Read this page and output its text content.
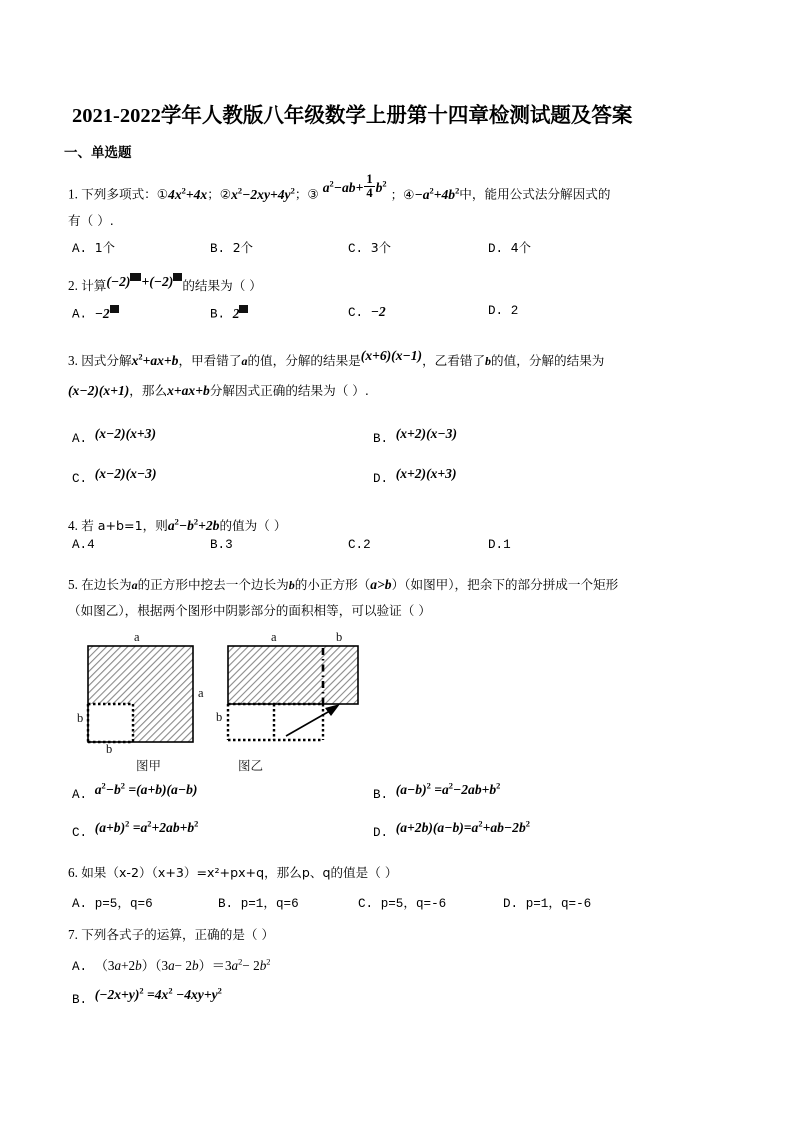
2021-2022学年人教版八年级数学上册第十四章检测试题及答案
一、单选题
1. 下列多项式：$①4x^2+4x$；$②x^2-2xy+4y^2$；③ $a^2-ab+ \frac{1}{4} b^2$；$④-a^2+4b^2$中，能用公式法分解因式的
有（ ）.
A. 1个	B. 2个	C. 3个	D. 4个
2. 计算(−2) +(−2) 的结果为（ ）
A. −2	B. 2	C. −2	D. 2
3. 因式分解$x^2+ax+b$，甲看错了a的值，分解的结果是(x+6)(x−1)，乙看错了b的值，分解的结果为
(x−2)(x+1)，那么x+ax+b分解因式正确的结果为（ ）.
A. (x−2)(x+3)	B. (x+2)(x−3)
C. (x−2)(x−3)	D. (x+2)(x+3)
4. 若 a+b=1，则$a^2-b^2+2b$的值为（ ）
A.4	B.3	C.2	D.1
5. 在边长为a的正方形中挖去一个边长为b的小正方形（a>b）（如图甲），把余下的部分拼成一个矩形
（如图乙），根据两个图形中阴影部分的面积相等，可以验证（ ）
a
a
b
b
图甲
a	b
b
图乙
A. $a^2-b^2 =(a+b)(a-b)$	B. $(a-b)^2 =a^2-2ab+b^2$
C. $(a+b)^2 =a^2+2ab+b^2$
D. $(a+2b)(a-b)=a^2+ab-2b^2$
6. 如果（x-2）（x+3）=x²+px+q，那么p、q的值是（ ）
A. p=5，q=6	B. p=1，q=6	C. p=5，q=-6	D. p=1，q=-6
7. 下列各式子的运算，正确的是（ ）
A. $(3a+2b)(3a- 2b)=3a^2- 2b^2$
B. $(-2x+y)^2 =4x^2 -4xy+y^2$
